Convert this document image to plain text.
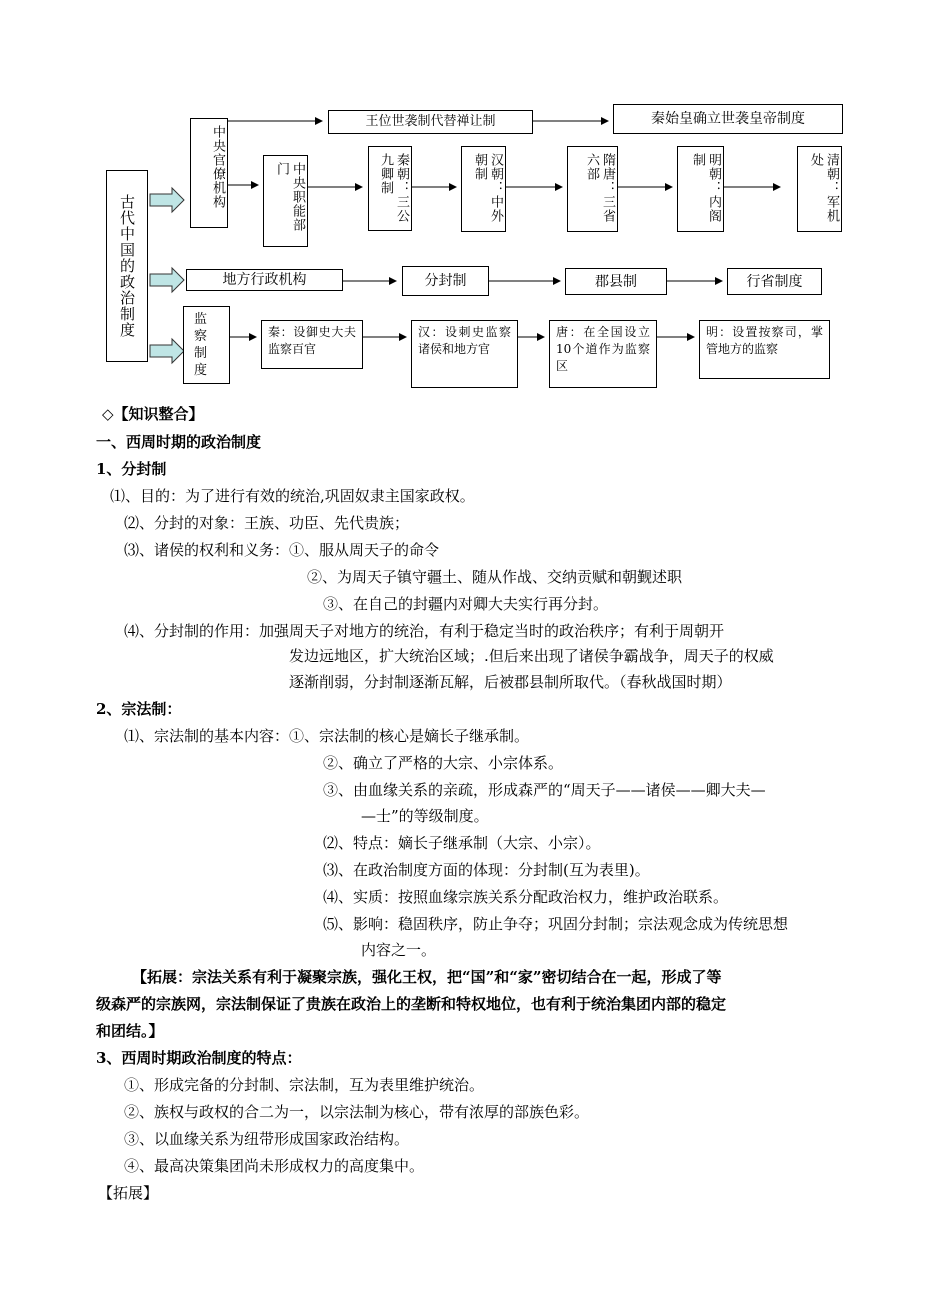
古代中国的政治制度
中央官僚机构	中央职能部门
王位世袭制代替禅让制	秦始皇确立世袭皇帝制度
秦朝：三公九卿制	汉朝：中外朝制	隋唐：三省六部	明朝：内阁制	清朝：军机处
地方行政机构	分封制	郡县制	行省制度
监察制度
秦：设御史大夫监察百官
汉：设刺史监察诸侯和地方官
唐：在全国设立10个道作为监察区
明：设置按察司，掌管地方的监察
◇【知识整合】
一、西周时期的政治制度
1、分封制
⑴、目的：为了进行有效的统治,巩固奴隶主国家政权。
⑵、分封的对象：王族、功臣、先代贵族；
⑶、诸侯的权利和义务：①、服从周天子的命令
②、为周天子镇守疆土、随从作战、交纳贡赋和朝觐述职
③、在自己的封疆内对卿大夫实行再分封。
⑷、分封制的作用：加强周天子对地方的统治，有利于稳定当时的政治秩序；有利于周朝开
发边远地区，扩大统治区域；.但后来出现了诸侯争霸战争，周天子的权威
逐渐削弱，分封制逐渐瓦解，后被郡县制所取代。（春秋战国时期）
2、宗法制：
⑴、宗法制的基本内容：①、宗法制的核心是嫡长子继承制。
②、确立了严格的大宗、小宗体系。
③、由血缘关系的亲疏，形成森严的“周天子——诸侯——卿大夫—
—士”的等级制度。
⑵、特点：嫡长子继承制（大宗、小宗）。
⑶、在政治制度方面的体现：分封制(互为表里)。
⑷、实质：按照血缘宗族关系分配政治权力，维护政治联系。
⑸、影响：稳固秩序，防止争夺；巩固分封制；宗法观念成为传统思想
内容之一。
【拓展：宗法关系有利于凝聚宗族，强化王权，把“国”和“家”密切结合在一起，形成了等
级森严的宗族网，宗法制保证了贵族在政治上的垄断和特权地位，也有利于统治集团内部的稳定
和团结。】
3、西周时期政治制度的特点：
①、形成完备的分封制、宗法制，互为表里维护统治。
②、族权与政权的合二为一，以宗法制为核心，带有浓厚的部族色彩。
③、以血缘关系为纽带形成国家政治结构。
④、最高决策集团尚未形成权力的高度集中。
【拓展】
